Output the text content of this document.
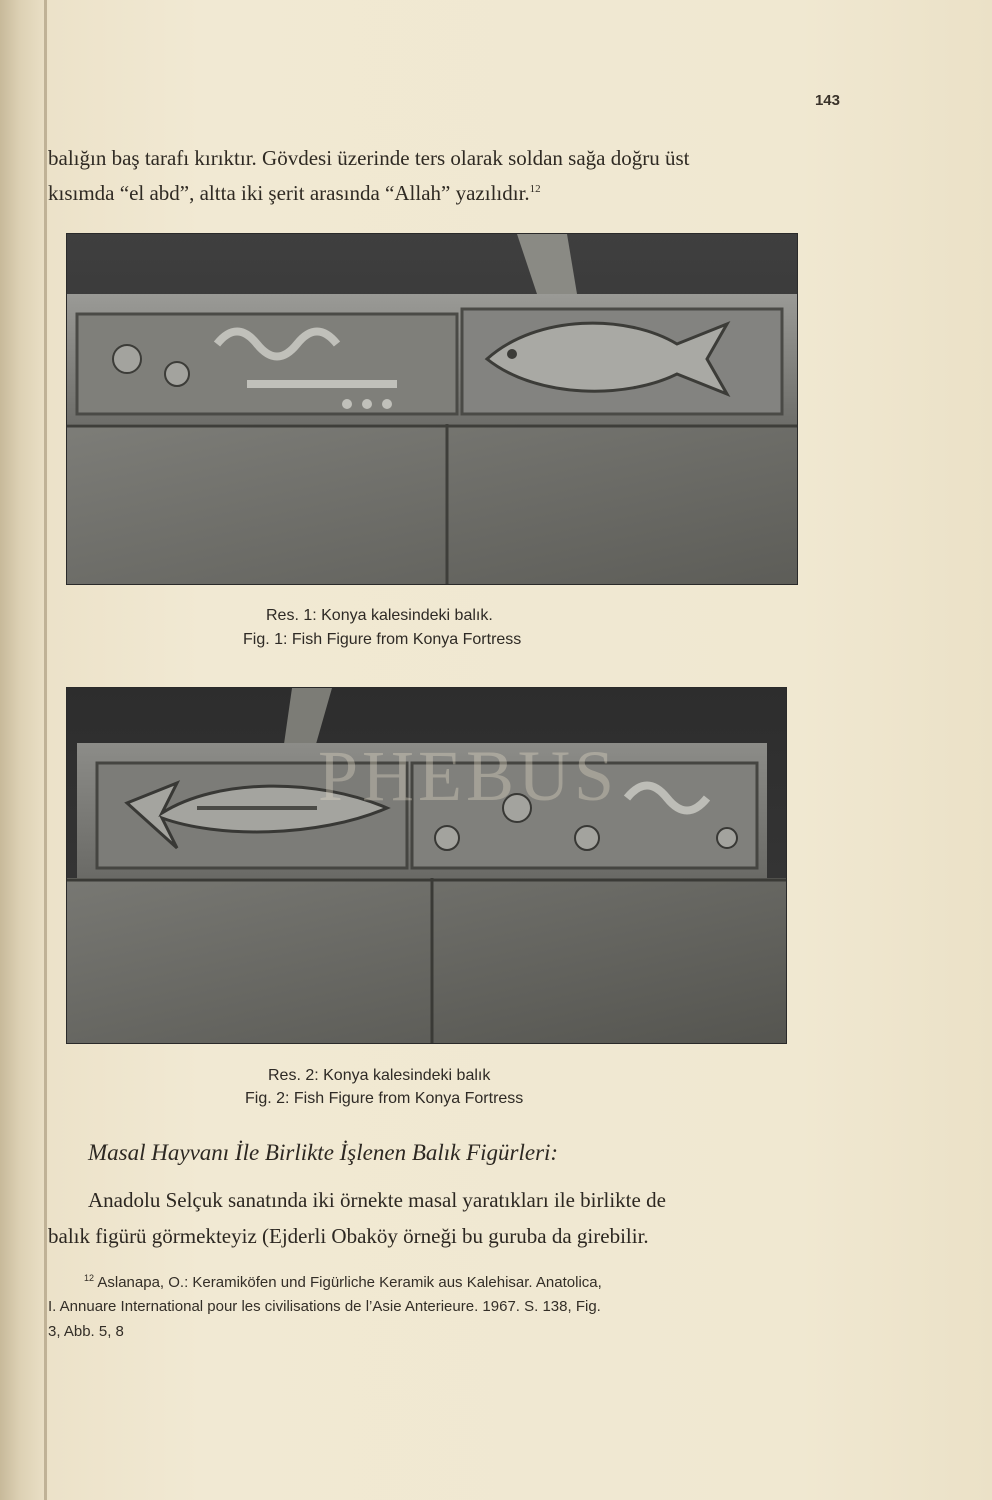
143
balığın baş tarafı kırıktır. Gövdesi üzerinde ters olarak soldan sağa doğru üst
kısımda “el abd”, altta iki şerit arasında “Allah” yazılıdır.$^{12}$
Res. 1: Konya kalesindeki balık.
Fig. 1: Fish Figure from Konya Fortress
PHEBUS
Res. 2: Konya kalesindeki balık
Fig. 2: Fish Figure from Konya Fortress
Masal Hayvanı İle Birlikte İşlenen Balık Figürleri:
Anadolu Selçuk sanatında iki örnekte masal yaratıkları ile birlikte de
balık figürü görmekteyiz (Ejderli Obaköy örneği bu guruba da girebilir.
$^{12}$ Aslanapa, O.: Keramiköfen und Figürliche Keramik aus Kalehisar. Anatolica,
I. Annuare International pour les civilisations de l’Asie Anterieure. 1967. S. 138, Fig.
3, Abb. 5, 8
